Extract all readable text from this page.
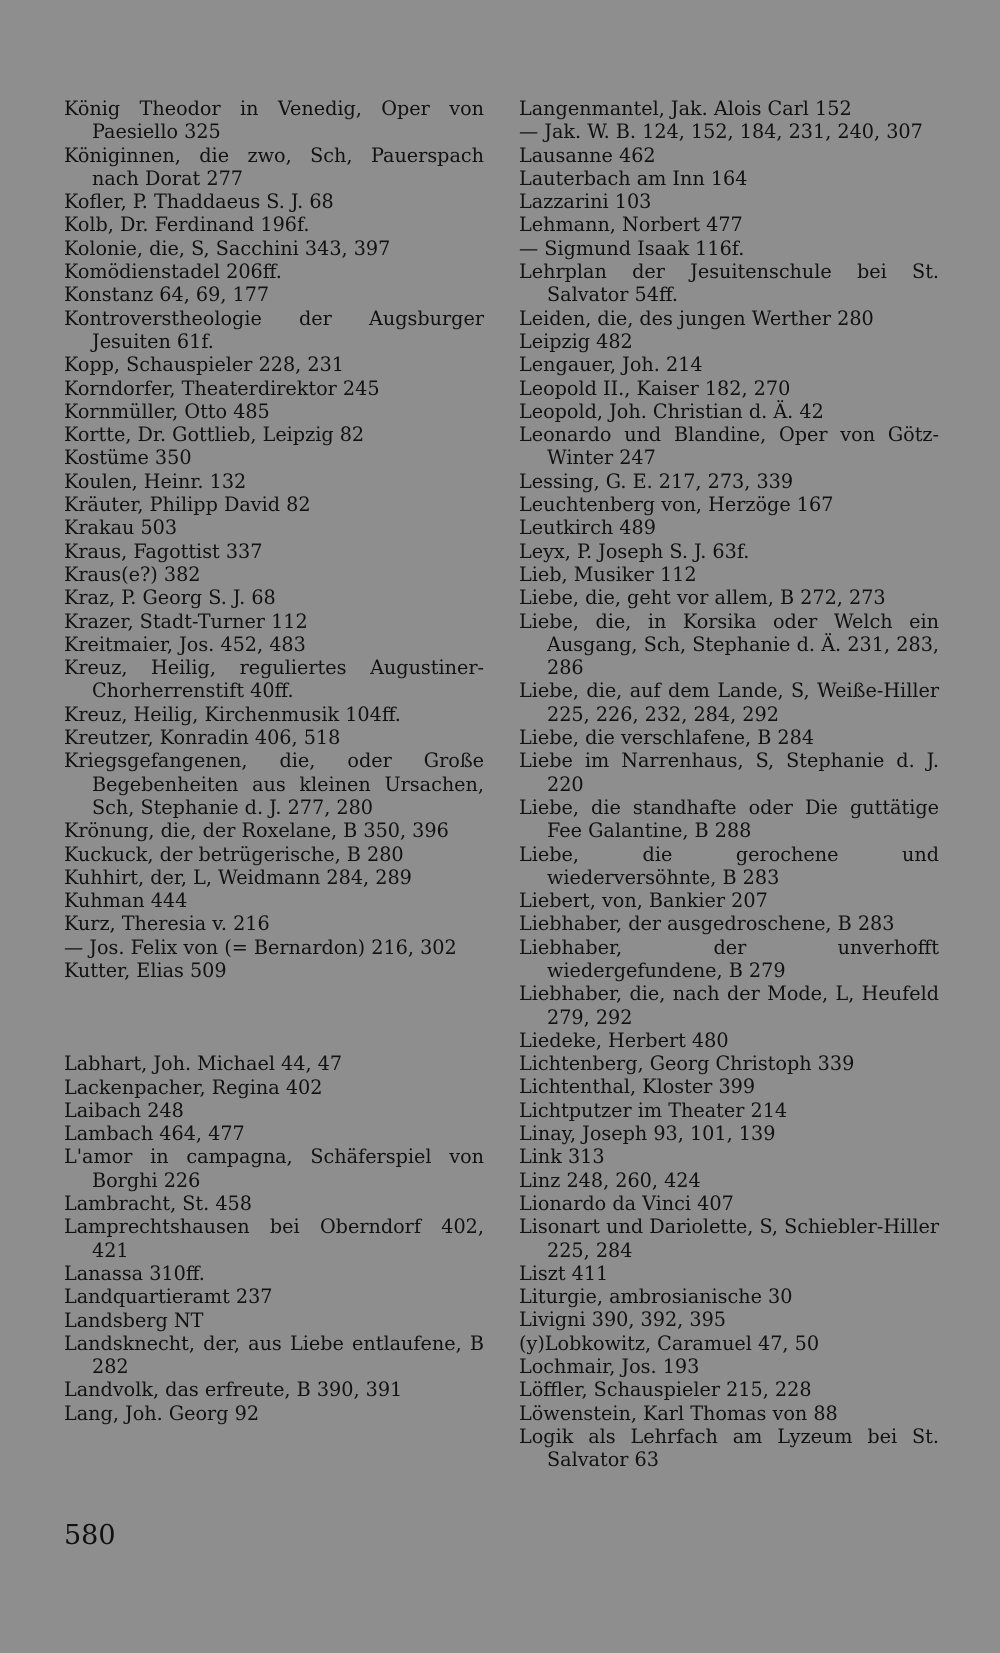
König Theodor in Venedig, Oper von Paesiello 325
Königinnen, die zwo, Sch, Pauerspach nach Dorat 277
Kofler, P. Thaddaeus S. J. 68
Kolb, Dr. Ferdinand 196f.
Kolonie, die, S, Sacchini 343, 397
Komödienstadel 206ff.
Konstanz 64, 69, 177
Kontroverstheologie der Augsburger Jesuiten 61f.
Kopp, Schauspieler 228, 231
Korndorfer, Theaterdirektor 245
Kornmüller, Otto 485
Kortte, Dr. Gottlieb, Leipzig 82
Kostüme 350
Koulen, Heinr. 132
Kräuter, Philipp David 82
Krakau 503
Kraus, Fagottist 337
Kraus(e?) 382
Kraz, P. Georg S. J. 68
Krazer, Stadt-Turner 112
Kreitmaier, Jos. 452, 483
Kreuz, Heilig, reguliertes Augustiner-Chorherrenstift 40ff.
Kreuz, Heilig, Kirchenmusik 104ff.
Kreutzer, Konradin 406, 518
Kriegsgefangenen, die, oder Große Begebenheiten aus kleinen Ursachen, Sch, Stephanie d. J. 277, 280
Krönung, die, der Roxelane, B 350, 396
Kuckuck, der betrügerische, B 280
Kuhhirt, der, L, Weidmann 284, 289
Kuhman 444
Kurz, Theresia v. 216
— Jos. Felix von (= Bernardon) 216, 302
Kutter, Elias 509
Labhart, Joh. Michael 44, 47
Lackenpacher, Regina 402
Laibach 248
Lambach 464, 477
L'amor in campagna, Schäferspiel von Borghi 226
Lambracht, St. 458
Lamprechtshausen bei Oberndorf 402, 421
Lanassa 310ff.
Landquartieramt 237
Landsberg NT
Landsknecht, der, aus Liebe entlaufene, B 282
Landvolk, das erfreute, B 390, 391
Lang, Joh. Georg 92
Langenmantel, Jak. Alois Carl 152
— Jak. W. B. 124, 152, 184, 231, 240, 307
Lausanne 462
Lauterbach am Inn 164
Lazzarini 103
Lehmann, Norbert 477
— Sigmund Isaak 116f.
Lehrplan der Jesuitenschule bei St. Salvator 54ff.
Leiden, die, des jungen Werther 280
Leipzig 482
Lengauer, Joh. 214
Leopold II., Kaiser 182, 270
Leopold, Joh. Christian d. Ä. 42
Leonardo und Blandine, Oper von Götz-Winter 247
Lessing, G. E. 217, 273, 339
Leuchtenberg von, Herzöge 167
Leutkirch 489
Leyx, P. Joseph S. J. 63f.
Lieb, Musiker 112
Liebe, die, geht vor allem, B 272, 273
Liebe, die, in Korsika oder Welch ein Ausgang, Sch, Stephanie d. Ä. 231, 283, 286
Liebe, die, auf dem Lande, S, Weiße-Hiller 225, 226, 232, 284, 292
Liebe, die verschlafene, B 284
Liebe im Narrenhaus, S, Stephanie d. J. 220
Liebe, die standhafte oder Die guttätige Fee Galantine, B 288
Liebe, die gerochene und wiederversöhnte, B 283
Liebert, von, Bankier 207
Liebhaber, der ausgedroschene, B 283
Liebhaber, der unverhofft wiedergefundene, B 279
Liebhaber, die, nach der Mode, L, Heufeld 279, 292
Liedeke, Herbert 480
Lichtenberg, Georg Christoph 339
Lichtenthal, Kloster 399
Lichtputzer im Theater 214
Linay, Joseph 93, 101, 139
Link 313
Linz 248, 260, 424
Lionardo da Vinci 407
Lisonart und Dariolette, S, Schiebler-Hiller 225, 284
Liszt 411
Liturgie, ambrosianische 30
Livigni 390, 392, 395
(y)Lobkowitz, Caramuel 47, 50
Lochmair, Jos. 193
Löffler, Schauspieler 215, 228
Löwenstein, Karl Thomas von 88
Logik als Lehrfach am Lyzeum bei St. Salvator 63
580
